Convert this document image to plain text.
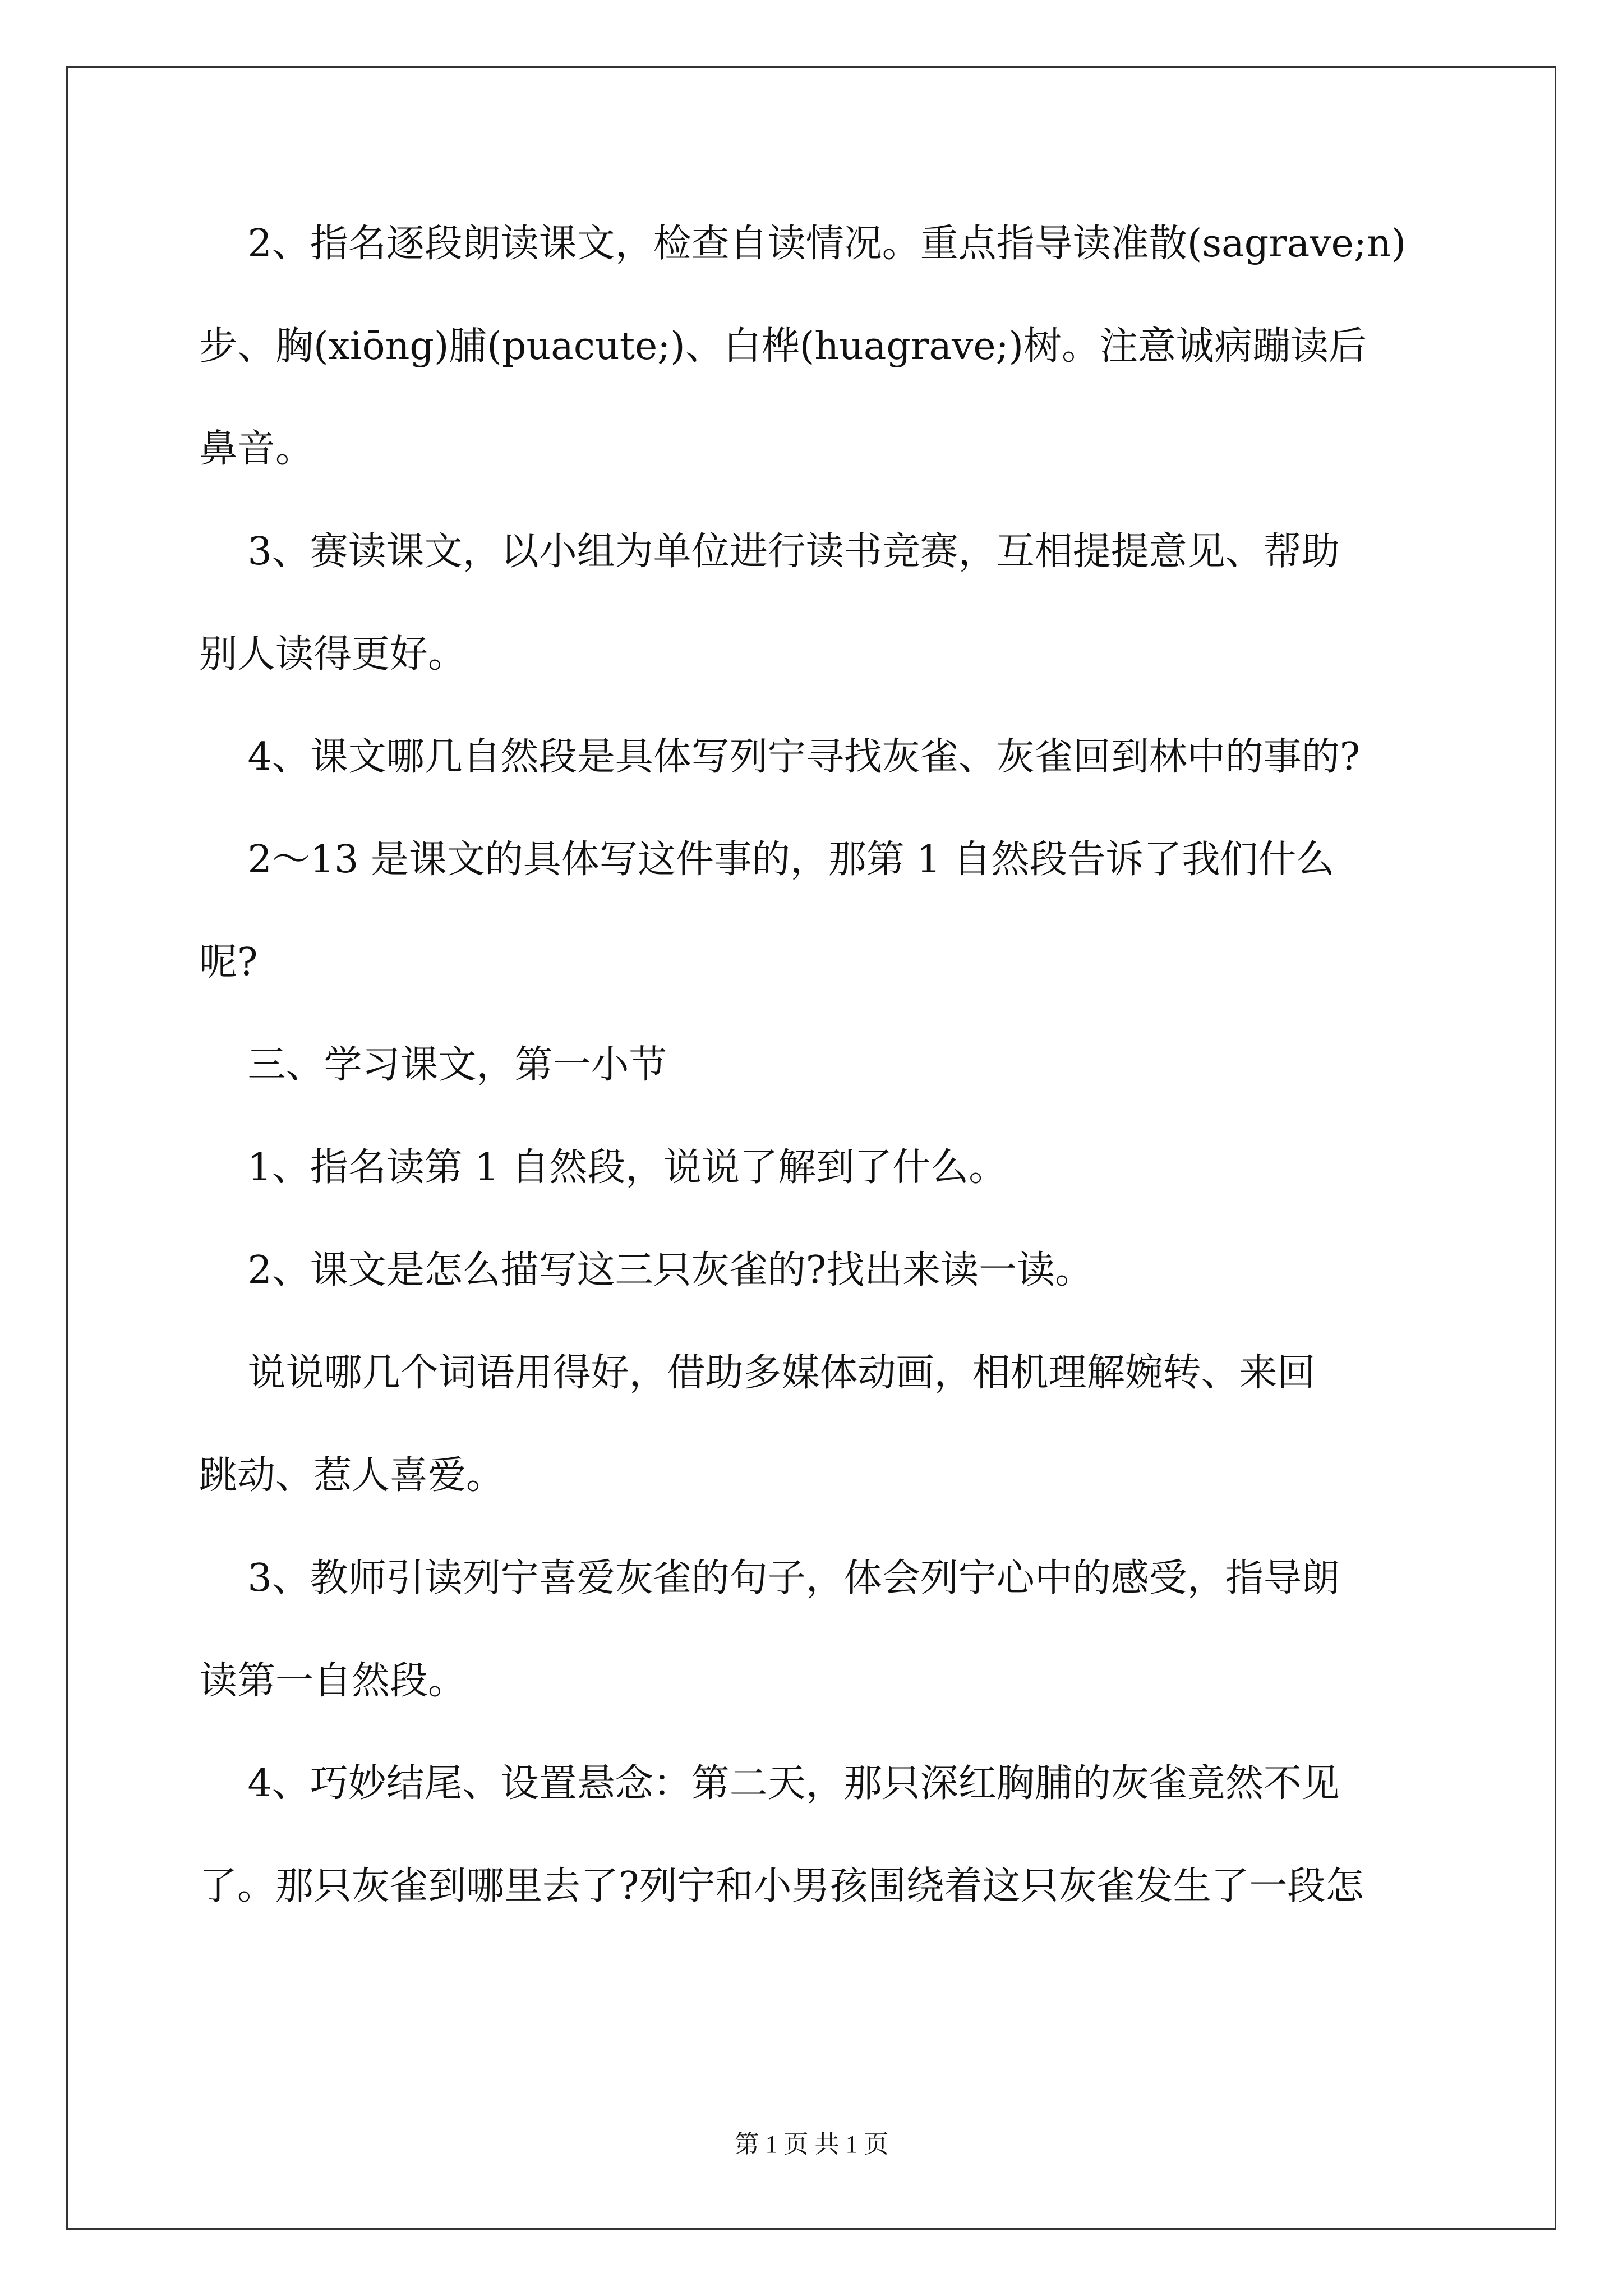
2、指名逐段朗读课文，检查自读情况。重点指导读准散(sagrave;n)
步、胸(xiōng)脯(puacute;)、白桦(huagrave;)树。注意诚病蹦读后
鼻音。
3、赛读课文，以小组为单位进行读书竞赛，互相提提意见、帮助
别人读得更好。
4、课文哪几自然段是具体写列宁寻找灰雀、灰雀回到林中的事的?
2～13 是课文的具体写这件事的，那第 1 自然段告诉了我们什么
呢?
三、学习课文，第一小节
1、指名读第 1 自然段，说说了解到了什么。
2、课文是怎么描写这三只灰雀的?找出来读一读。
说说哪几个词语用得好，借助多媒体动画，相机理解婉转、来回
跳动、惹人喜爱。
3、教师引读列宁喜爱灰雀的句子，体会列宁心中的感受，指导朗
读第一自然段。
4、巧妙结尾、设置悬念：第二天，那只深红胸脯的灰雀竟然不见
了。那只灰雀到哪里去了?列宁和小男孩围绕着这只灰雀发生了一段怎
第 1 页 共 1 页
